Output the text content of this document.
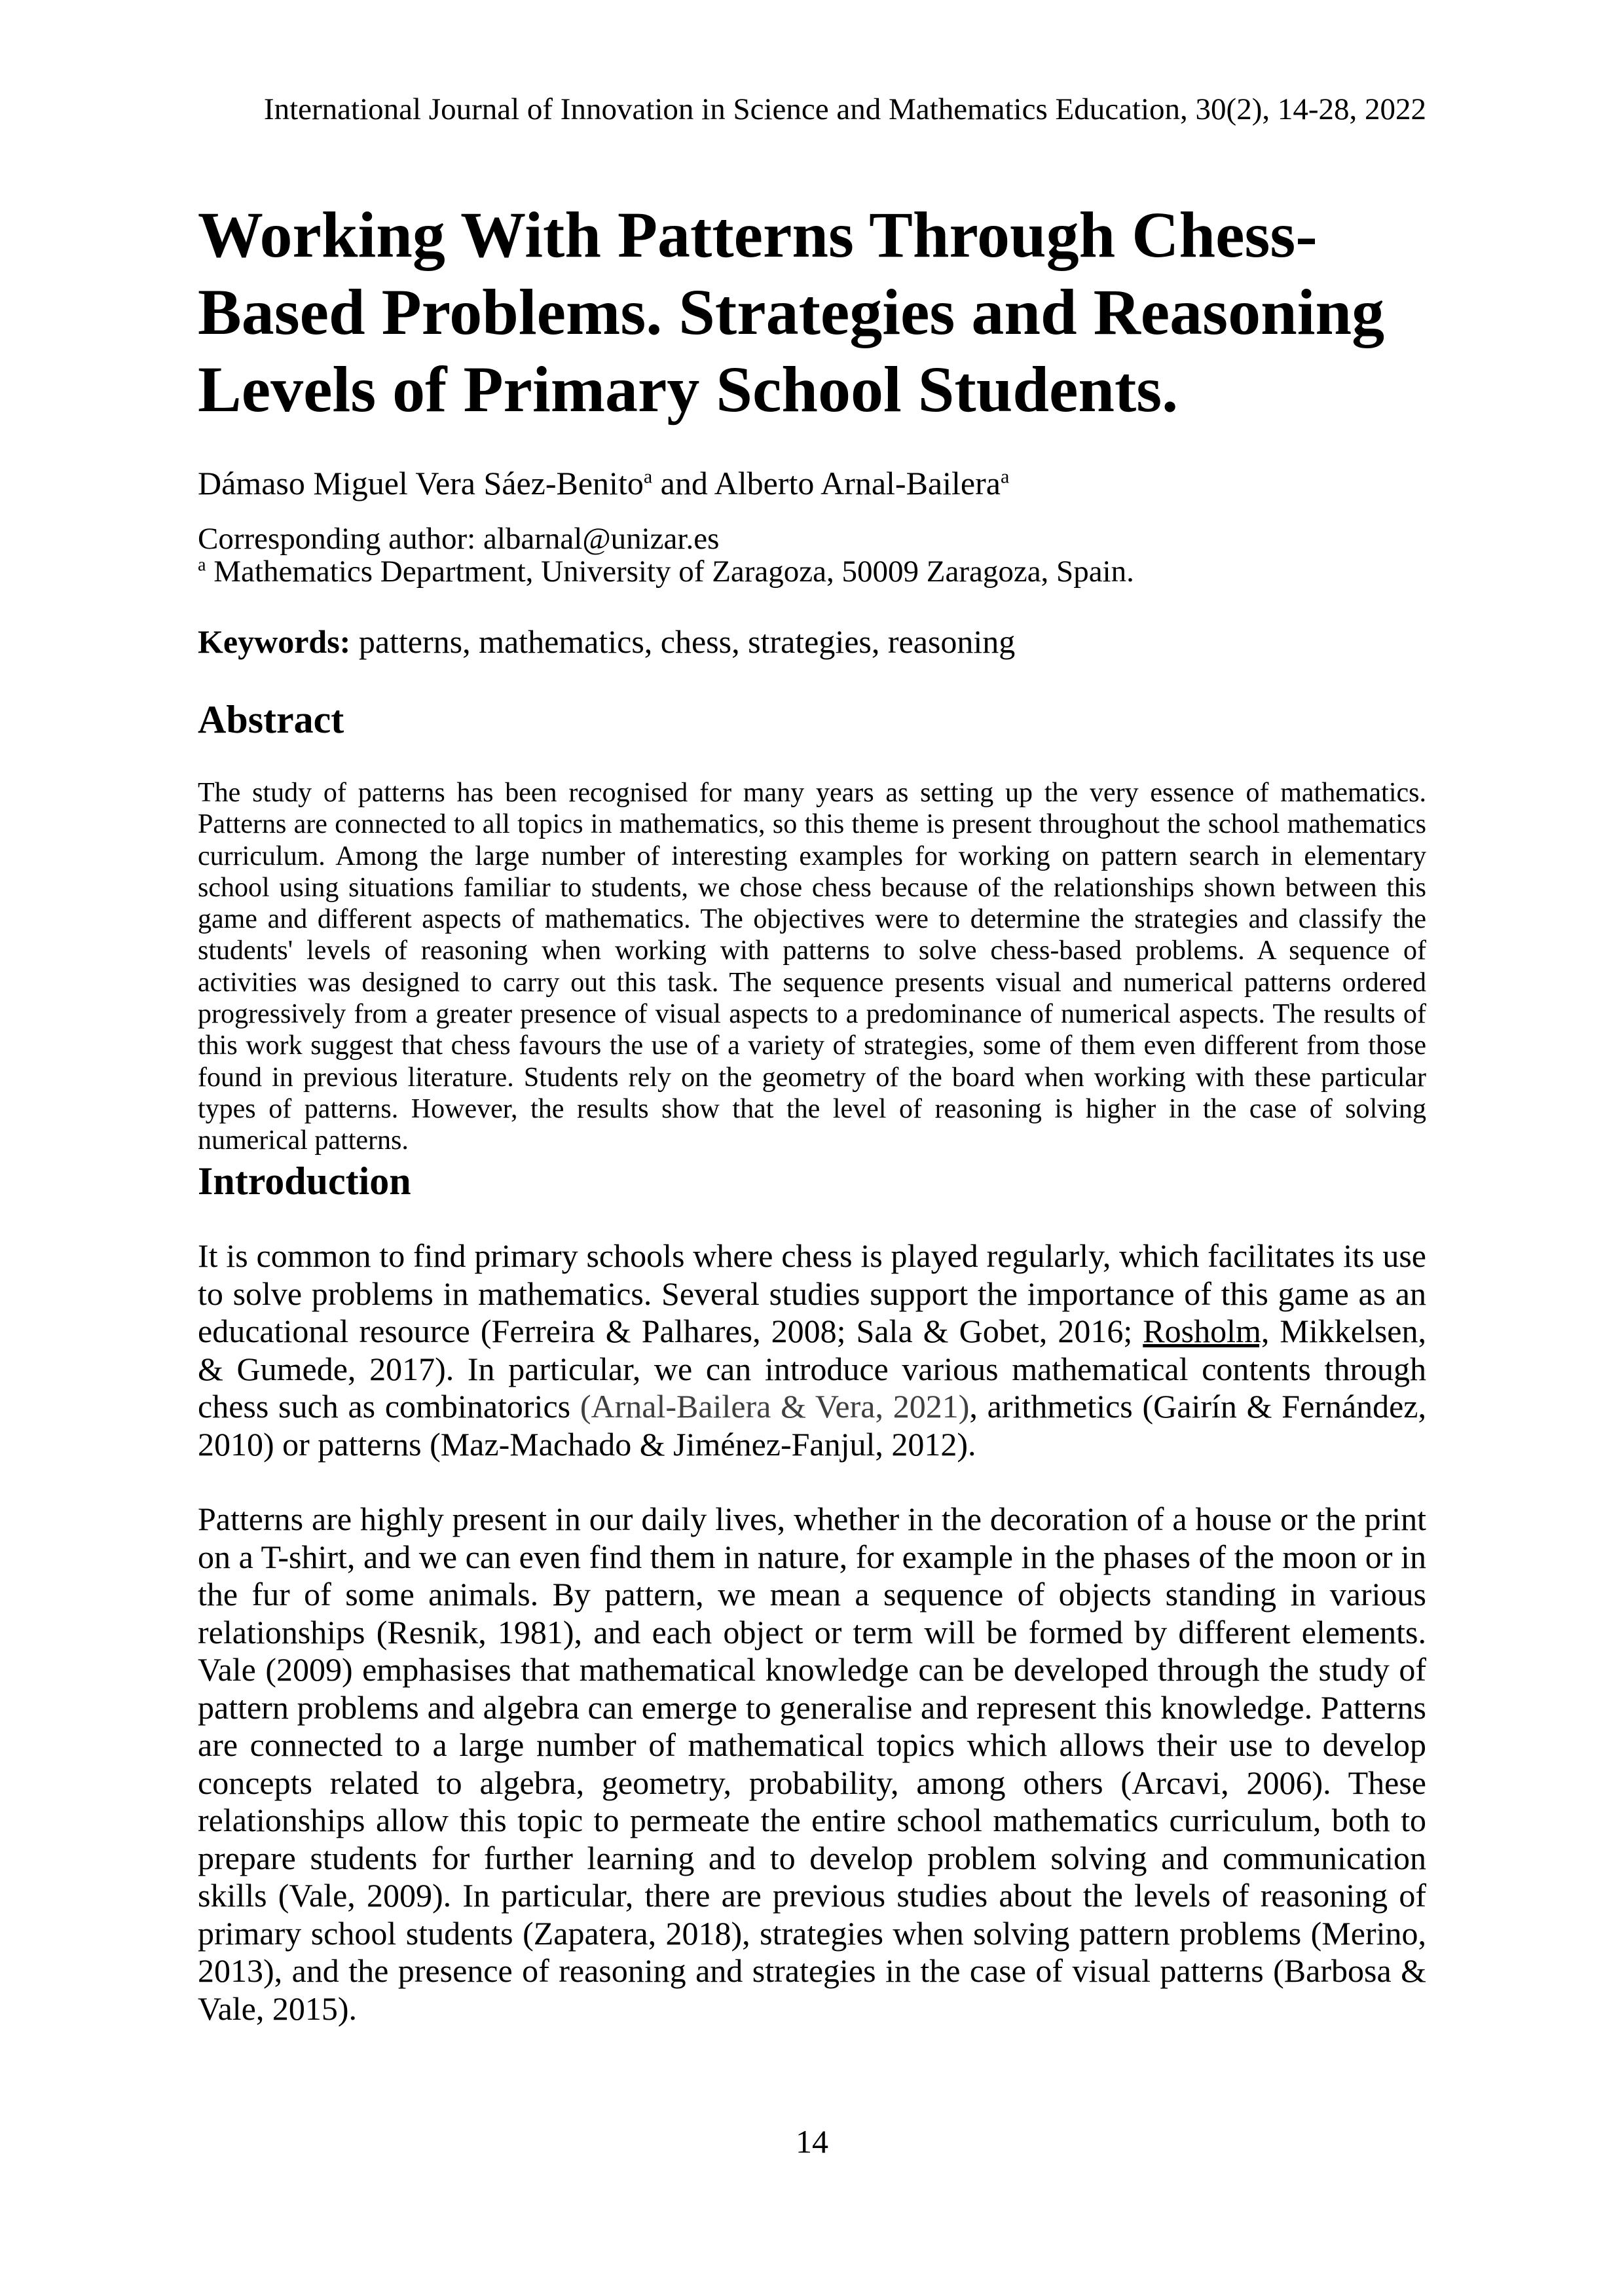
International Journal of Innovation in Science and Mathematics Education, 30(2), 14-28, 2022
Working With Patterns Through Chess-
Based Problems. Strategies and Reasoning
Levels of Primary School Students.

Dámaso Miguel Vera Sáez-Benito$^a$ and Alberto Arnal-Bailera$^a$

Corresponding author: albarnal@unizar.es

$^a$ Mathematics Department, University of Zaragoza, 50009 Zaragoza, Spain.

Keywords: patterns, mathematics, chess, strategies, reasoning

Abstract

The study of patterns has been recognised for many years as setting up the very essence of mathematics. Patterns are connected to all topics in mathematics, so this theme is present throughout the school mathematics curriculum. Among the large number of interesting examples for working on pattern search in elementary school using situations familiar to students, we chose chess because of the relationships shown between this game and different aspects of mathematics. The objectives were to determine the strategies and classify the students' levels of reasoning when working with patterns to solve chess-based problems. A sequence of activities was designed to carry out this task. The sequence presents visual and numerical patterns ordered progressively from a greater presence of visual aspects to a predominance of numerical aspects. The results of this work suggest that chess favours the use of a variety of strategies, some of them even different from those found in previous literature. Students rely on the geometry of the board when working with these particular types of patterns. However, the results show that the level of reasoning is higher in the case of solving numerical patterns.

Introduction

It is common to find primary schools where chess is played regularly, which facilitates its use to solve problems in mathematics. Several studies support the importance of this game as an educational resource (Ferreira & Palhares, 2008; Sala & Gobet, 2016; Rosholm, Mikkelsen, & Gumede, 2017). In particular, we can introduce various mathematical contents through chess such as combinatorics (Arnal-Bailera & Vera, 2021), arithmetics (Gairín & Fernández, 2010) or patterns (Maz-Machado & Jiménez-Fanjul, 2012).

Patterns are highly present in our daily lives, whether in the decoration of a house or the print on a T-shirt, and we can even find them in nature, for example in the phases of the moon or in the fur of some animals. By pattern, we mean a sequence of objects standing in various relationships (Resnik, 1981), and each object or term will be formed by different elements. Vale (2009) emphasises that mathematical knowledge can be developed through the study of pattern problems and algebra can emerge to generalise and represent this knowledge. Patterns are connected to a large number of mathematical topics which allows their use to develop concepts related to algebra, geometry, probability, among others (Arcavi, 2006). These relationships allow this topic to permeate the entire school mathematics curriculum, both to prepare students for further learning and to develop problem solving and communication skills (Vale, 2009). In particular, there are previous studies about the levels of reasoning of primary school students (Zapatera, 2018), strategies when solving pattern problems (Merino, 2013), and the presence of reasoning and strategies in the case of visual patterns (Barbosa & Vale, 2015).

14
